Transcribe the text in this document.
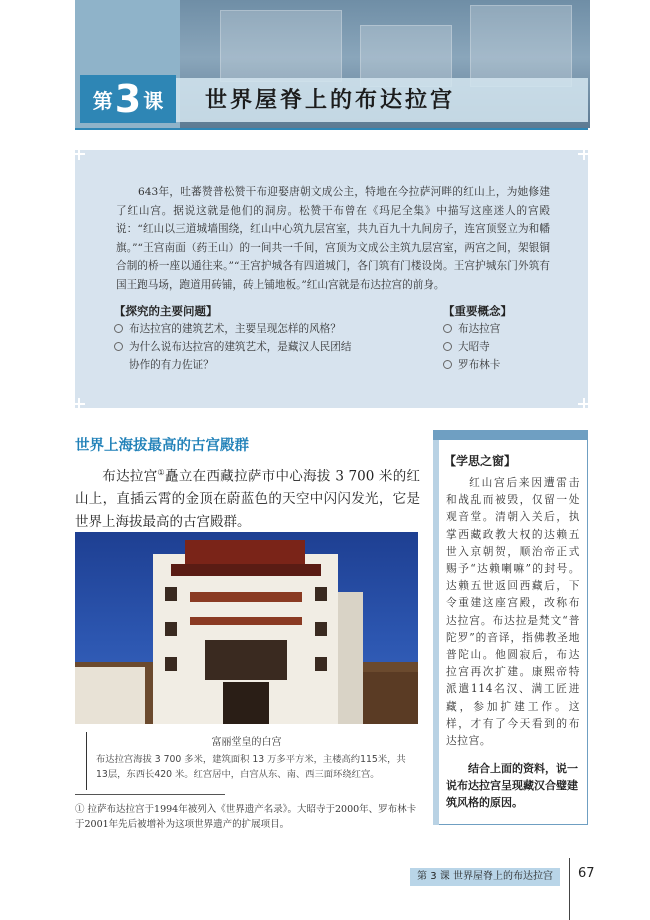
第 3 课 世界屋脊上的布达拉宫
643年，吐蕃赞普松赞干布迎娶唐朝文成公主，特地在今拉萨河畔的红山上，为她修建了红山宫。据说这就是他们的洞房。松赞干布曾在《玛尼全集》中描写这座迷人的宫殿说：“红山以三道城墙围绕，红山中心筑九层宫室，共九百九十九间房子，连宫顶竖立为和幡旗。”“王宫南面（药王山）的一间共一千间，宫顶为文成公主筑九层宫室，两宫之间，架银铜合制的桥一座以通往来。”“王宫护城各有四道城门，各门筑有门楼设岗。王宫护城东门外筑有国王跑马场，跑道用砖铺，砖上铺地板。”红山宫就是布达拉宫的前身。
【探究的主要问题】
布达拉宫的建筑艺术，主要呈现怎样的风格？
为什么说布达拉宫的建筑艺术，是藏汉人民团结
协作的有力佐证？
【重要概念】
布达拉宫
大昭寺
罗布林卡
世界上海拔最高的古宫殿群
布达拉宫①矗立在西藏拉萨市中心海拔 3 700 米的红山上，直插云霄的金顶在蔚蓝色的天空中闪闪发光，它是世界上海拔最高的古宫殿群。
富丽堂皇的白宫
布达拉宫海拔 3 700 多米，建筑面积 13 万多平方米，主楼高约115米，共13层，东西长420 米。红宫居中，白宫从东、南、西三面环绕红宫。
① 拉萨布达拉宫于1994年被列入《世界遗产名录》。大昭寺于2000年、罗布林卡于2001年先后被增补为这项世界遗产的扩展项目。
【学思之窗】
红山宫后来因遭雷击和战乱而被毁，仅留一处观音堂。清朝入关后，执掌西藏政教大权的达赖五世入京朝贺，顺治帝正式赐予“达赖喇嘛”的封号。达赖五世返回西藏后，下令重建这座宫殿，改称布达拉宫。布达拉是梵文“普陀罗”的音译，指佛教圣地普陀山。他圆寂后，布达拉宫再次扩建。康熙帝特派遣114名汉、满工匠进藏，参加扩建工作。这样，才有了今天看到的布达拉宫。
结合上面的资料，说一说布达拉宫呈现藏汉合璧建筑风格的原因。
第 3 课 世界屋脊上的布达拉宫	67
